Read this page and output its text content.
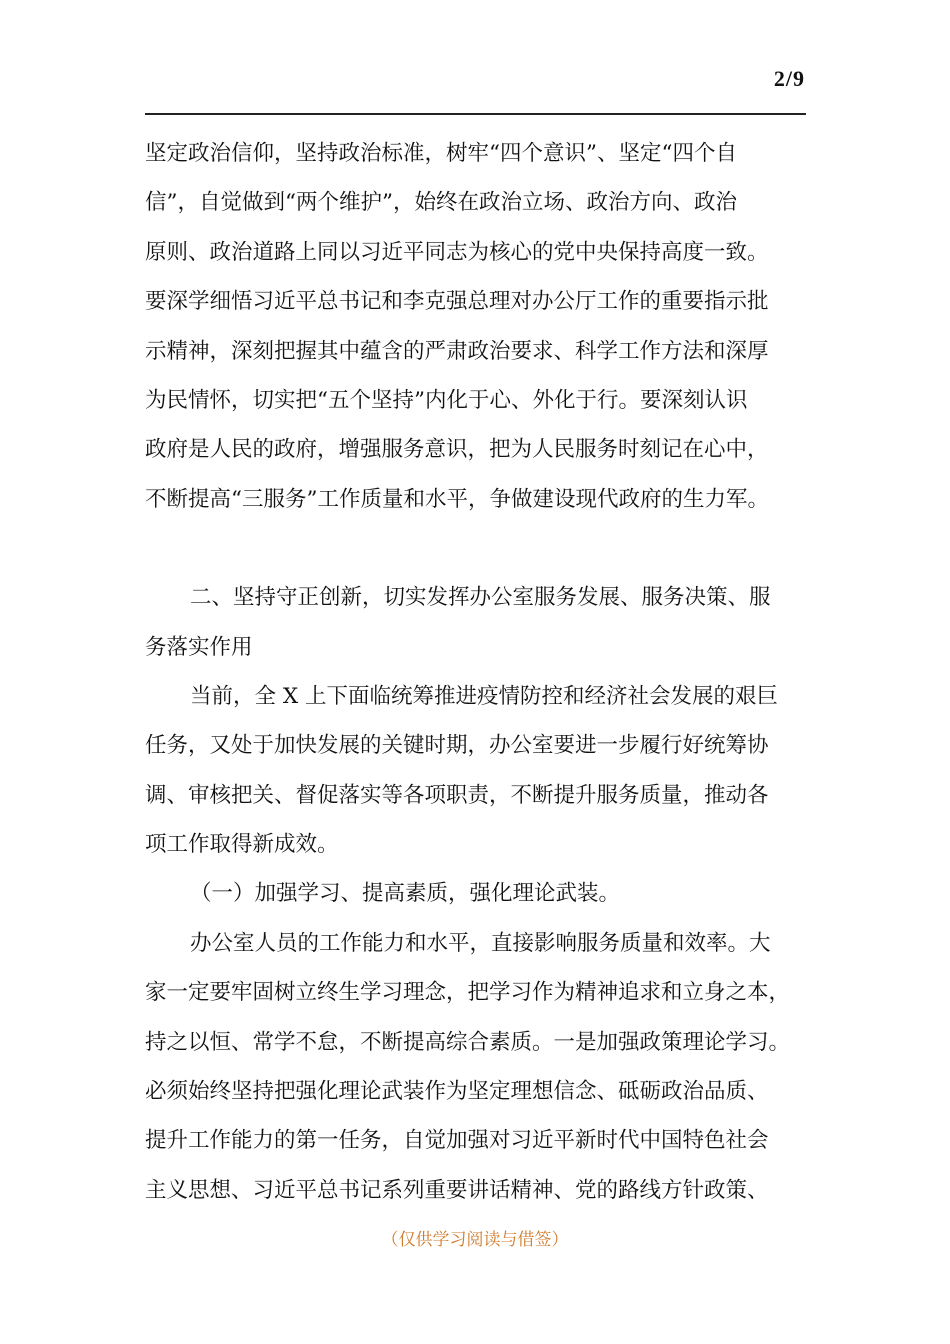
2/9
坚定政治信仰，坚持政治标准，树牢“四个意识”、坚定“四个自
信”，自觉做到“两个维护”，始终在政治立场、政治方向、政治
原则、政治道路上同以习近平同志为核心的党中央保持高度一致。
要深学细悟习近平总书记和李克强总理对办公厅工作的重要指示批
示精神，深刻把握其中蕴含的严肃政治要求、科学工作方法和深厚
为民情怀，切实把“五个坚持”内化于心、外化于行。要深刻认识
政府是人民的政府，增强服务意识，把为人民服务时刻记在心中，
不断提高“三服务”工作质量和水平，争做建设现代政府的生力军。
二、坚持守正创新，切实发挥办公室服务发展、服务决策、服
务落实作用
当前，全 X 上下面临统筹推进疫情防控和经济社会发展的艰巨
任务，又处于加快发展的关键时期，办公室要进一步履行好统筹协
调、审核把关、督促落实等各项职责，不断提升服务质量，推动各
项工作取得新成效。
（一）加强学习、提高素质，强化理论武装。
办公室人员的工作能力和水平，直接影响服务质量和效率。大
家一定要牢固树立终生学习理念，把学习作为精神追求和立身之本，
持之以恒、常学不怠，不断提高综合素质。一是加强政策理论学习。
必须始终坚持把强化理论武装作为坚定理想信念、砥砺政治品质、
提升工作能力的第一任务，自觉加强对习近平新时代中国特色社会
主义思想、习近平总书记系列重要讲话精神、党的路线方针政策、
（仅供学习阅读与借签）
